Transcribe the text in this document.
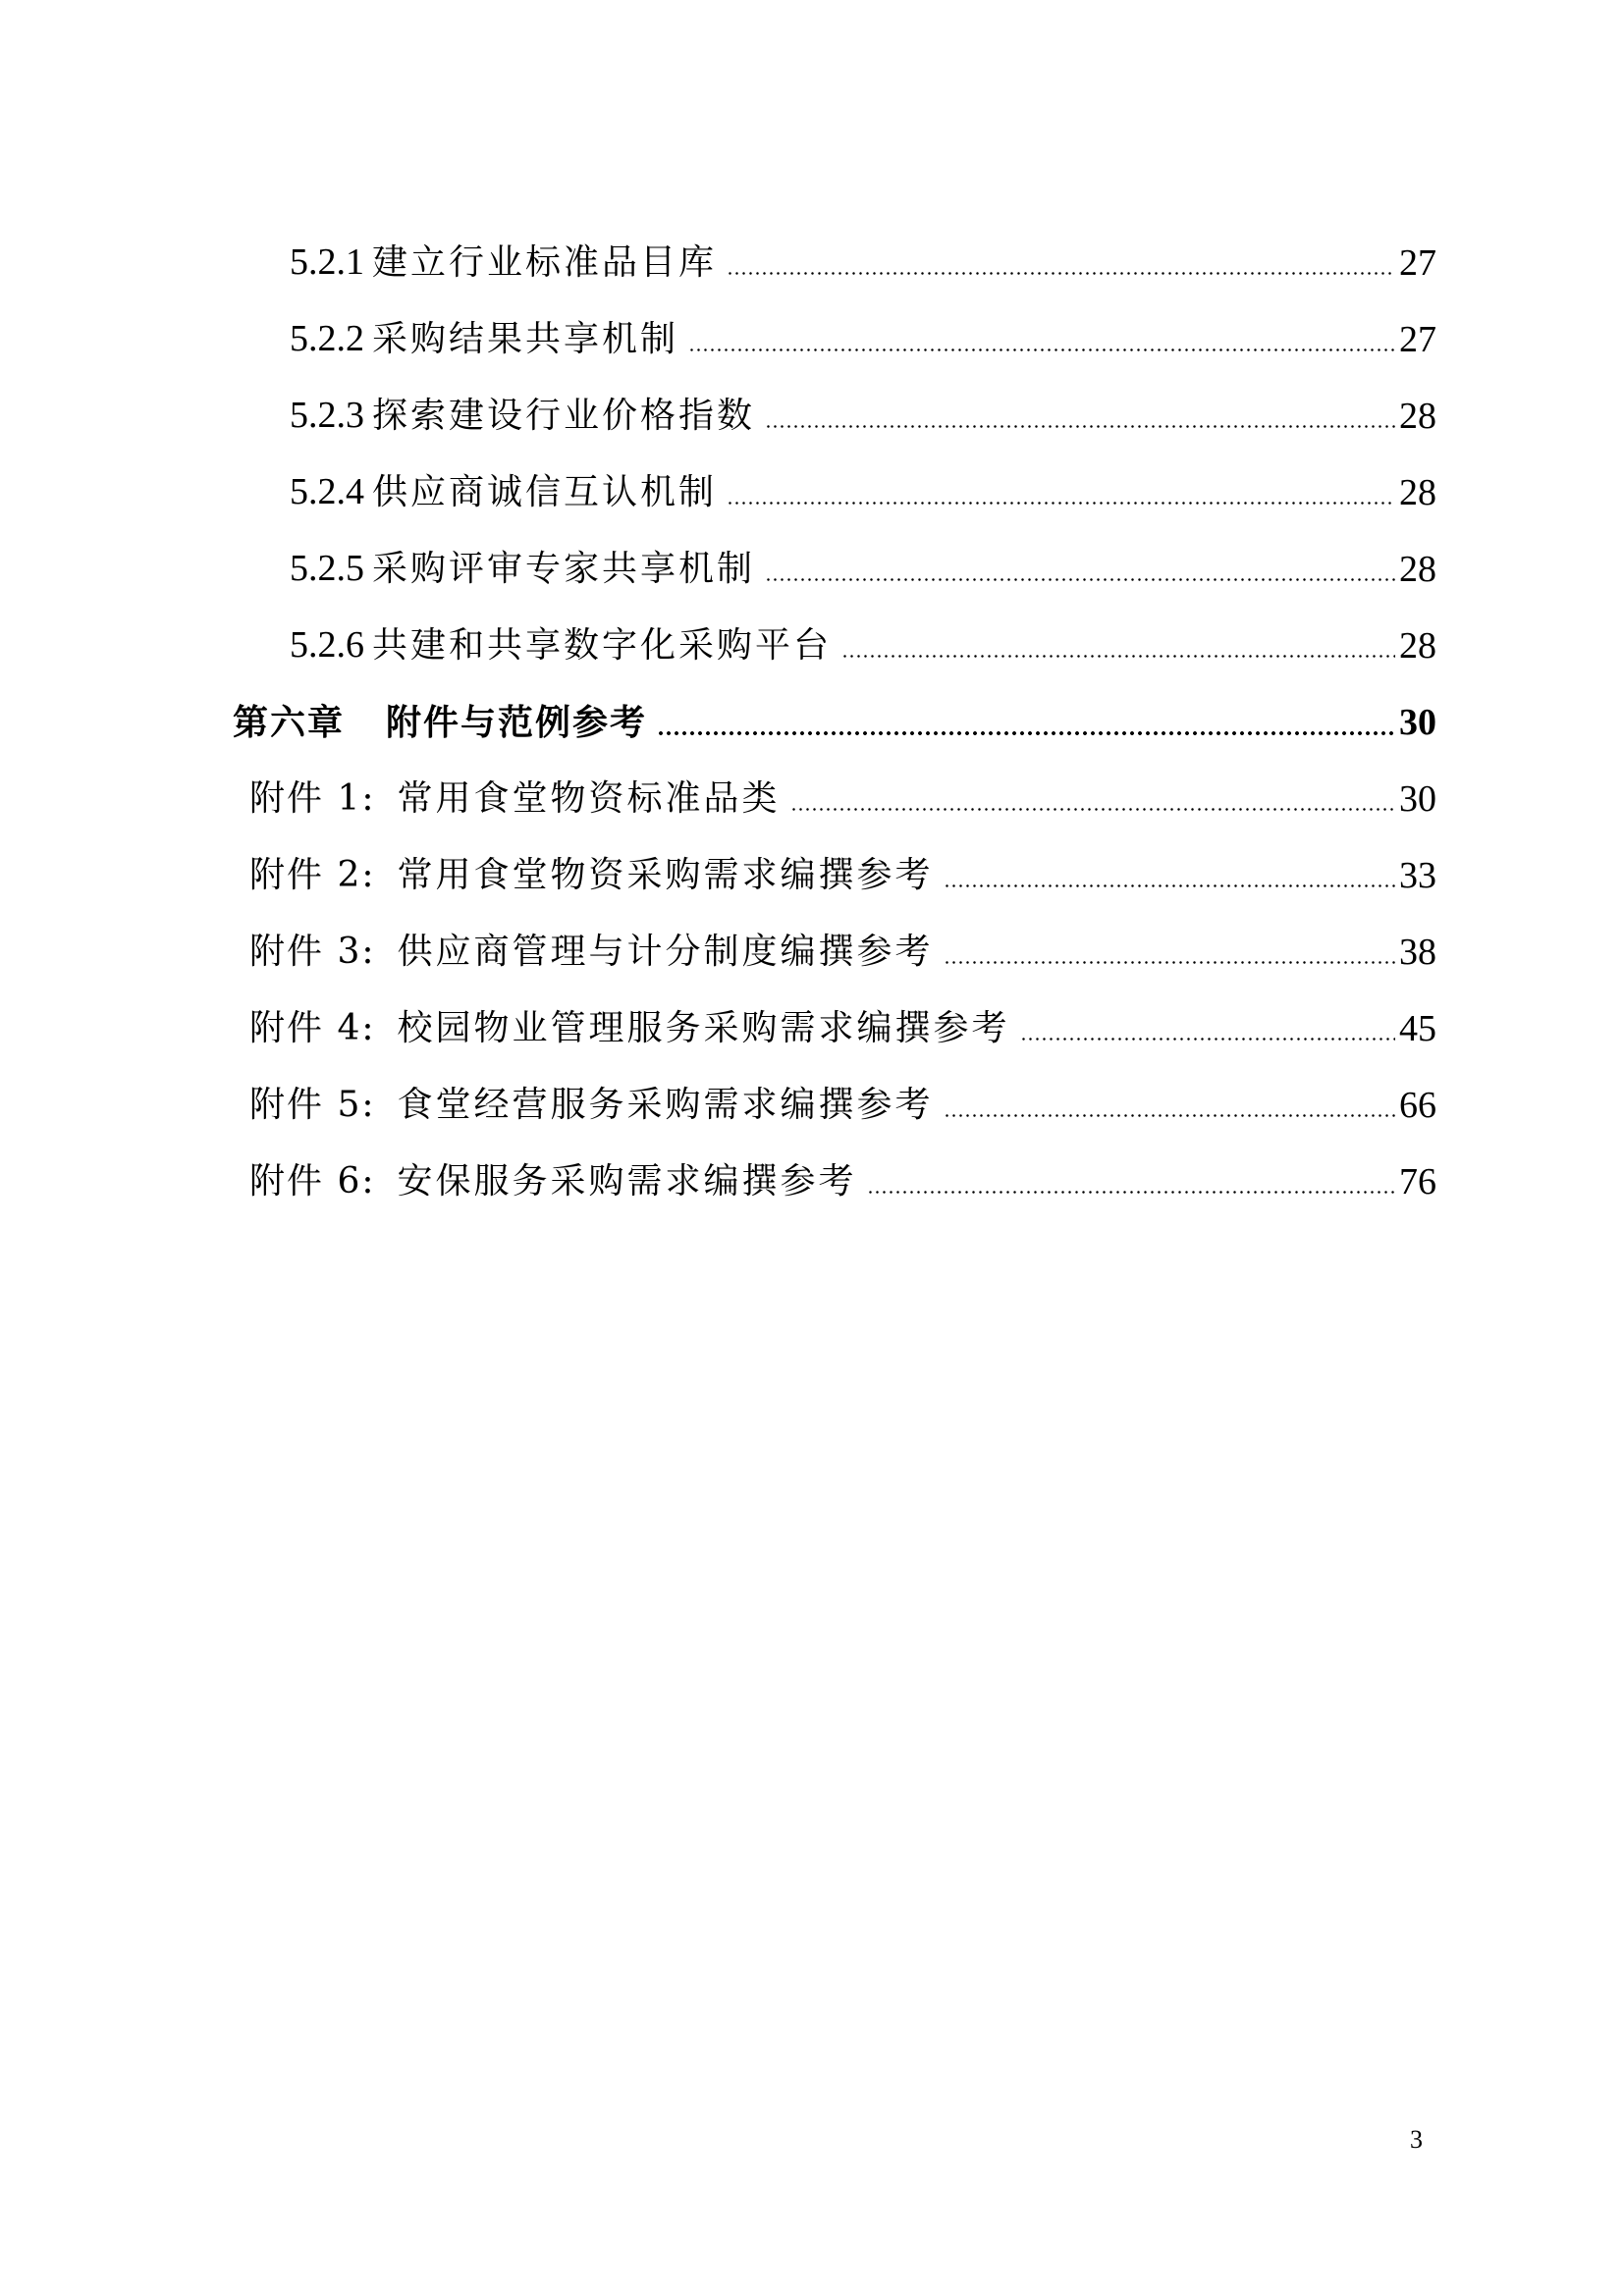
5.2.1 建立行业标准品目库	27
5.2.2 采购结果共享机制	27
5.2.3 探索建设行业价格指数	28
5.2.4 供应商诚信互认机制	28
5.2.5 采购评审专家共享机制	28
5.2.6 共建和共享数字化采购平台	28
第六章 附件与范例参考	30
附件 1: 常用食堂物资标准品类	30
附件 2: 常用食堂物资采购需求编撰参考	33
附件 3: 供应商管理与计分制度编撰参考	38
附件 4: 校园物业管理服务采购需求编撰参考	45
附件 5: 食堂经营服务采购需求编撰参考	66
附件 6: 安保服务采购需求编撰参考	76
3
